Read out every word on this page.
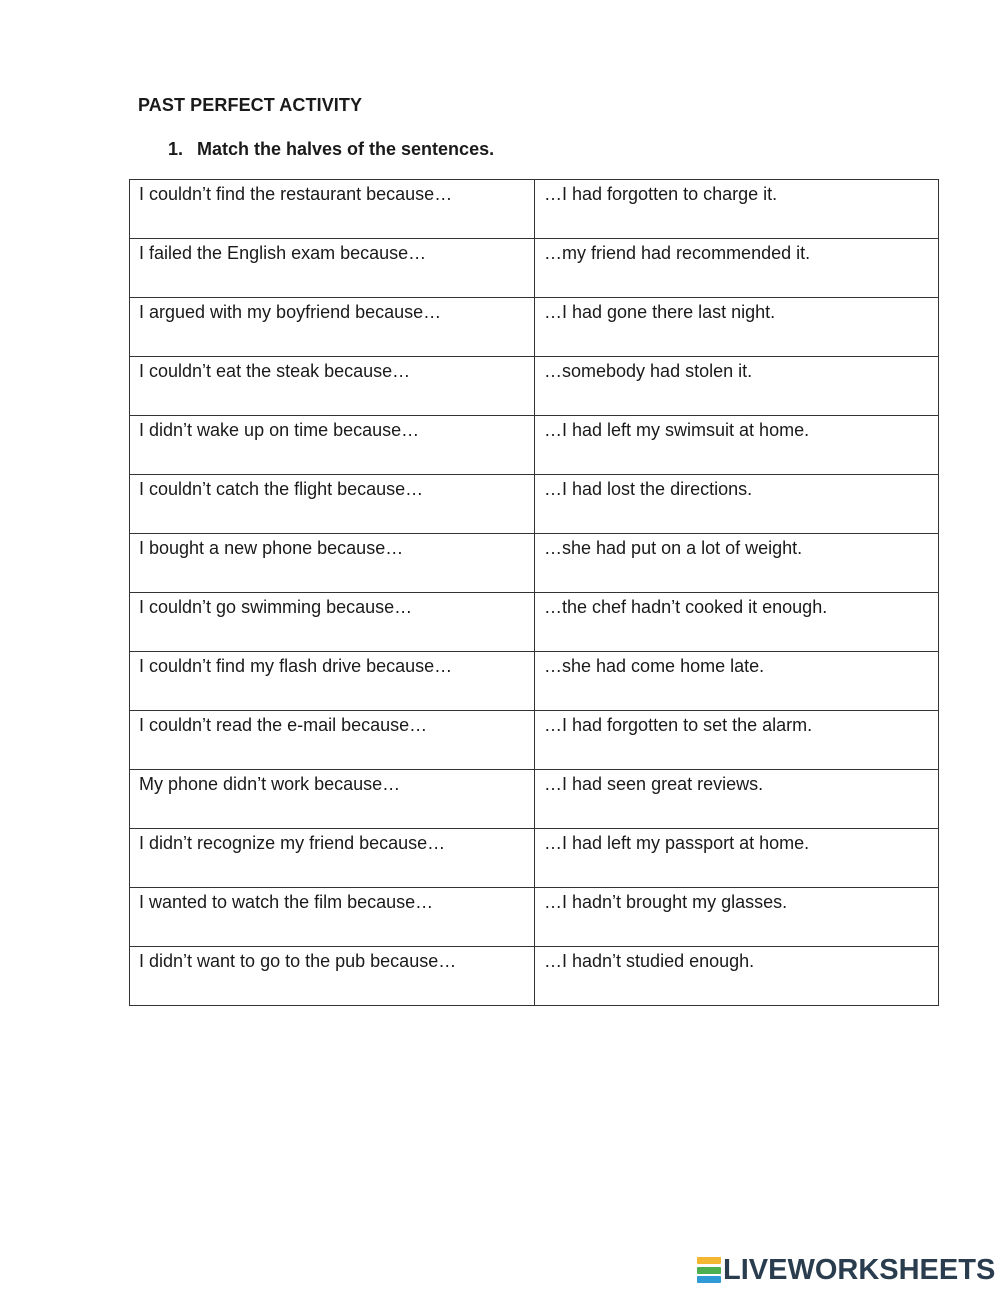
PAST PERFECT ACTIVITY
1. Match the halves of the sentences.
I couldn’t find the restaurant because…	…I had forgotten to charge it.
I failed the English exam because…	…my friend had recommended it.
I argued with my boyfriend because…	…I had gone there last night.
I couldn’t eat the steak because…	…somebody had stolen it.
I didn’t wake up on time because…	…I had left my swimsuit at home.
I couldn’t catch the flight because…	…I had lost the directions.
I bought a new phone because…	…she had put on a lot of weight.
I couldn’t go swimming because…	…the chef hadn’t cooked it enough.
I couldn’t find my flash drive because…	…she had come home late.
I couldn’t read the e-mail because…	…I had forgotten to set the alarm.
My phone didn’t work because…	…I had seen great reviews.
I didn’t recognize my friend because…	…I had left my passport at home.
I wanted to watch the film because…	…I hadn’t brought my glasses.
I didn’t want to go to the pub because…	…I hadn’t studied enough.
LIVEWORKSHEETS
